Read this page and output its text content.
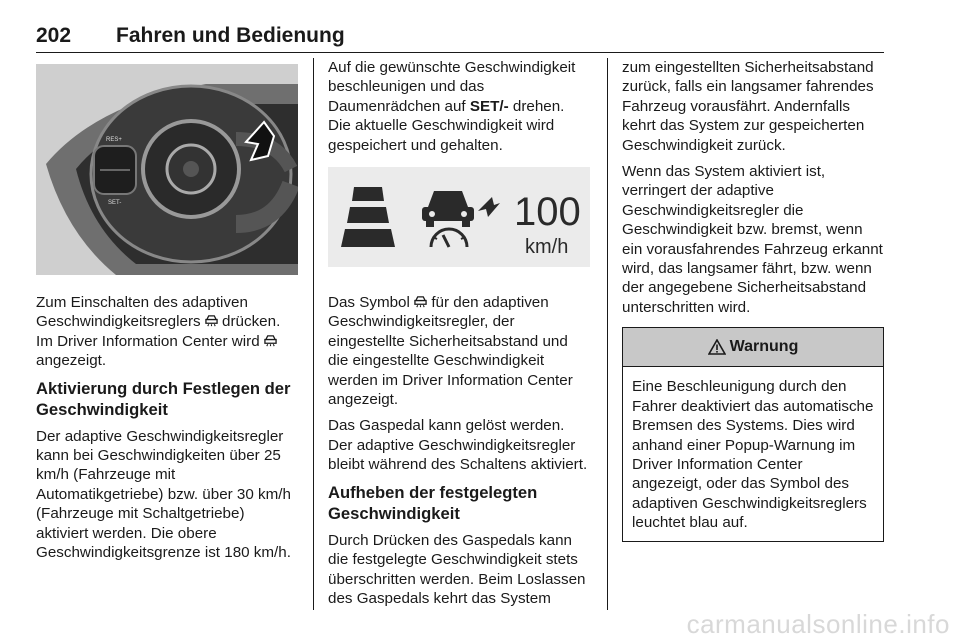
202 Fahren und Bedienung
RES+
SET-

Zum Einschalten des adaptiven Geschwindigkeitsreglers  drücken. Im Driver Information Center wird  angezeigt.

Aktivierung durch Festlegen der Geschwindigkeit

Der adaptive Geschwindigkeitsregler kann bei Geschwindigkeiten über 25 km/h (Fahrzeuge mit Automatikgetriebe) bzw. über 30 km/h (Fahrzeuge mit Schaltgetriebe) aktiviert werden. Die obere Geschwindigkeitsgrenze ist 180 km/h.

Auf die gewünschte Geschwindigkeit beschleunigen und das Daumenrädchen auf SET/- drehen. Die aktuelle Geschwindigkeit wird gespeichert und gehalten.

100
km/h

Das Symbol  für den adaptiven Geschwindigkeitsregler, der eingestellte Sicherheitsabstand und die eingestellte Geschwindigkeit werden im Driver Information Center angezeigt.

Das Gaspedal kann gelöst werden. Der adaptive Geschwindigkeitsregler bleibt während des Schaltens aktiviert.

Aufheben der festgelegten Geschwindigkeit

Durch Drücken des Gaspedals kann die festgelegte Geschwindigkeit stets überschritten werden. Beim Loslassen des Gaspedals kehrt das System

zum eingestellten Sicherheitsabstand zurück, falls ein langsamer fahrendes Fahrzeug vorausfährt. Andernfalls kehrt das System zur gespeicherten Geschwindigkeit zurück.

Wenn das System aktiviert ist, verringert der adaptive Geschwindigkeitsregler die Geschwindigkeit bzw. bremst, wenn ein vorausfahrendes Fahrzeug erkannt wird, das langsamer fährt, bzw. wenn der angegebene Sicherheitsabstand unterschritten wird.

Warnung

Eine Beschleunigung durch den Fahrer deaktiviert das automatische Bremsen des Systems. Dies wird anhand einer Popup-Warnung im Driver Information Center angezeigt, oder das Symbol des adaptiven Geschwindigkeitsreglers leuchtet blau auf.

carmanualsonline.info
